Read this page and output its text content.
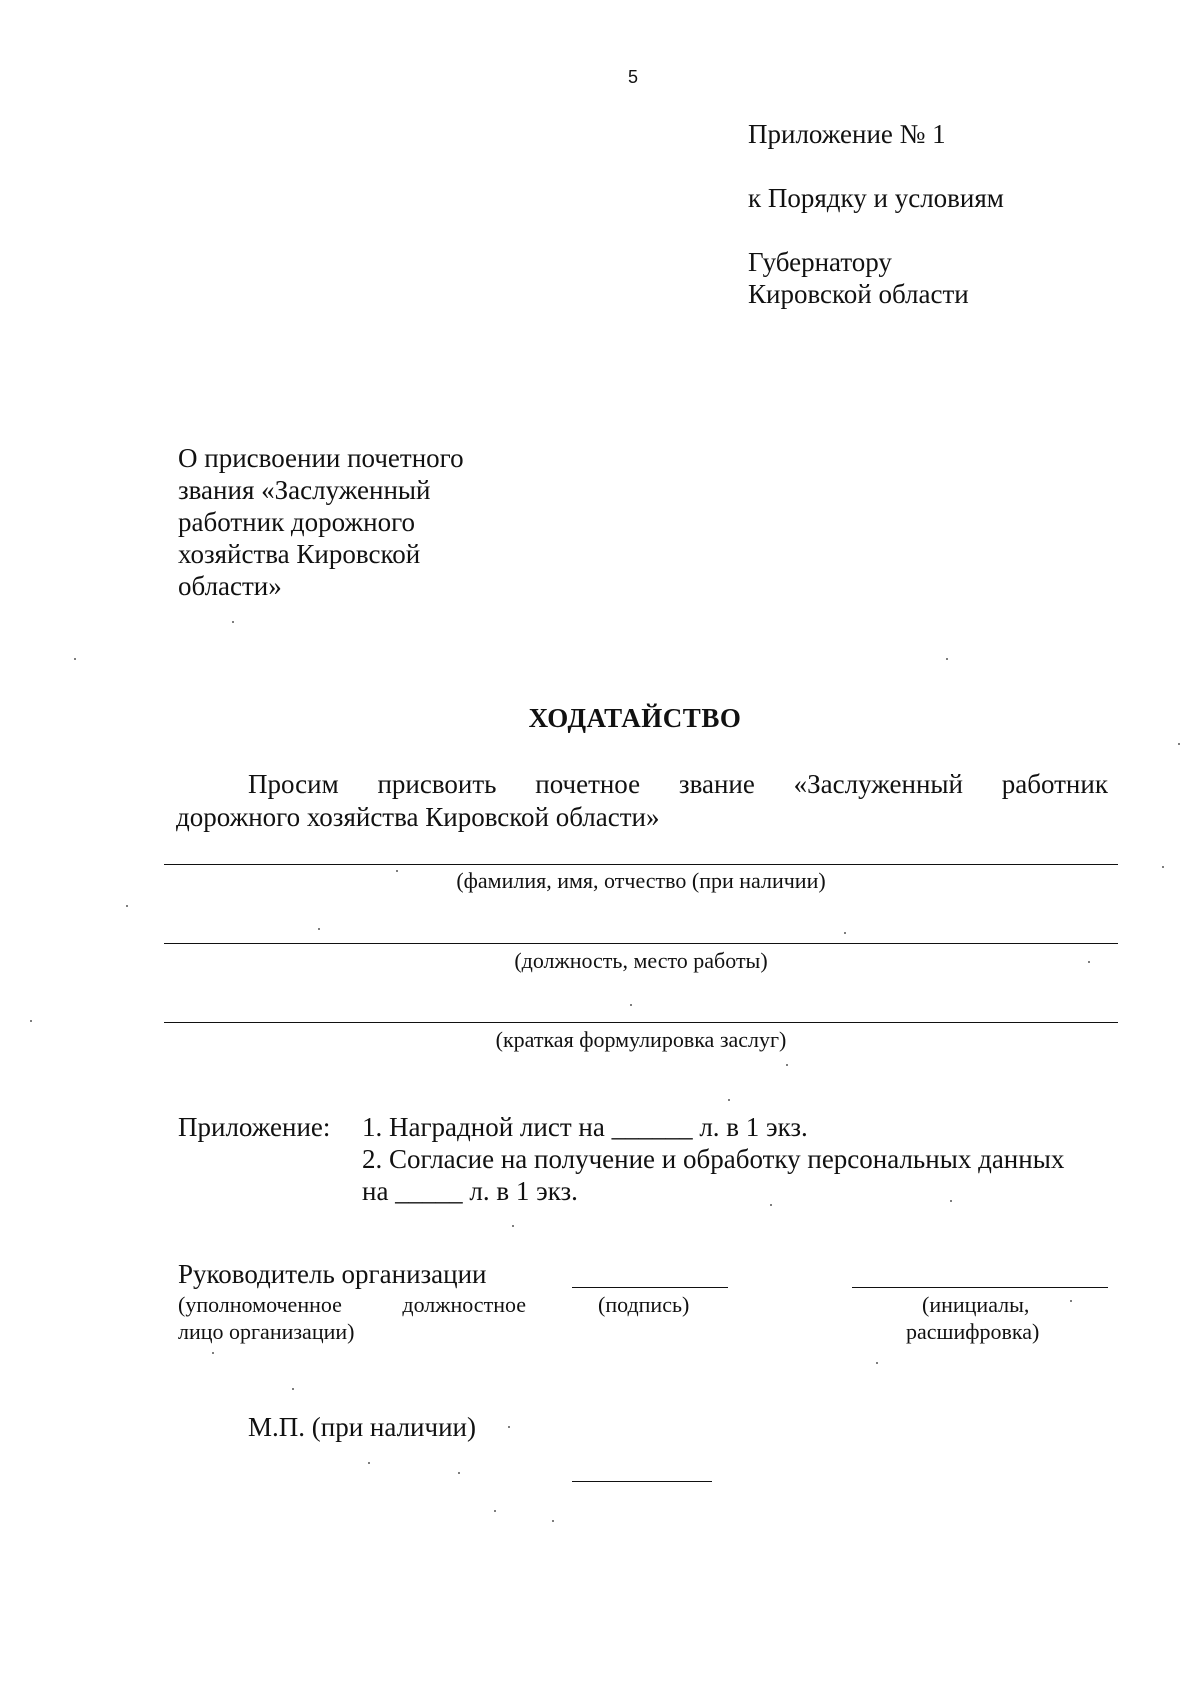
5
Приложение № 1
к Порядку и условиям
Губернатору
Кировской области
О присвоении почетного
звания «Заслуженный
работник дорожного
хозяйства Кировской
области»
ХОДАТАЙСТВО
Просим присвоить почетное звание «Заслуженный работник
дорожного хозяйства Кировской области»
(фамилия, имя, отчество (при наличии)
(должность, место работы)
(краткая формулировка заслуг)
Приложение: 1. Наградной лист на ______ л. в 1 экз.
2. Согласие на получение и обработку персональных данных
на _____ л. в 1 экз.
Руководитель организации
(уполномоченное	должностное
лицо организации)
(подпись)	(инициалы,
расшифровка)
М.П. (при наличии)
